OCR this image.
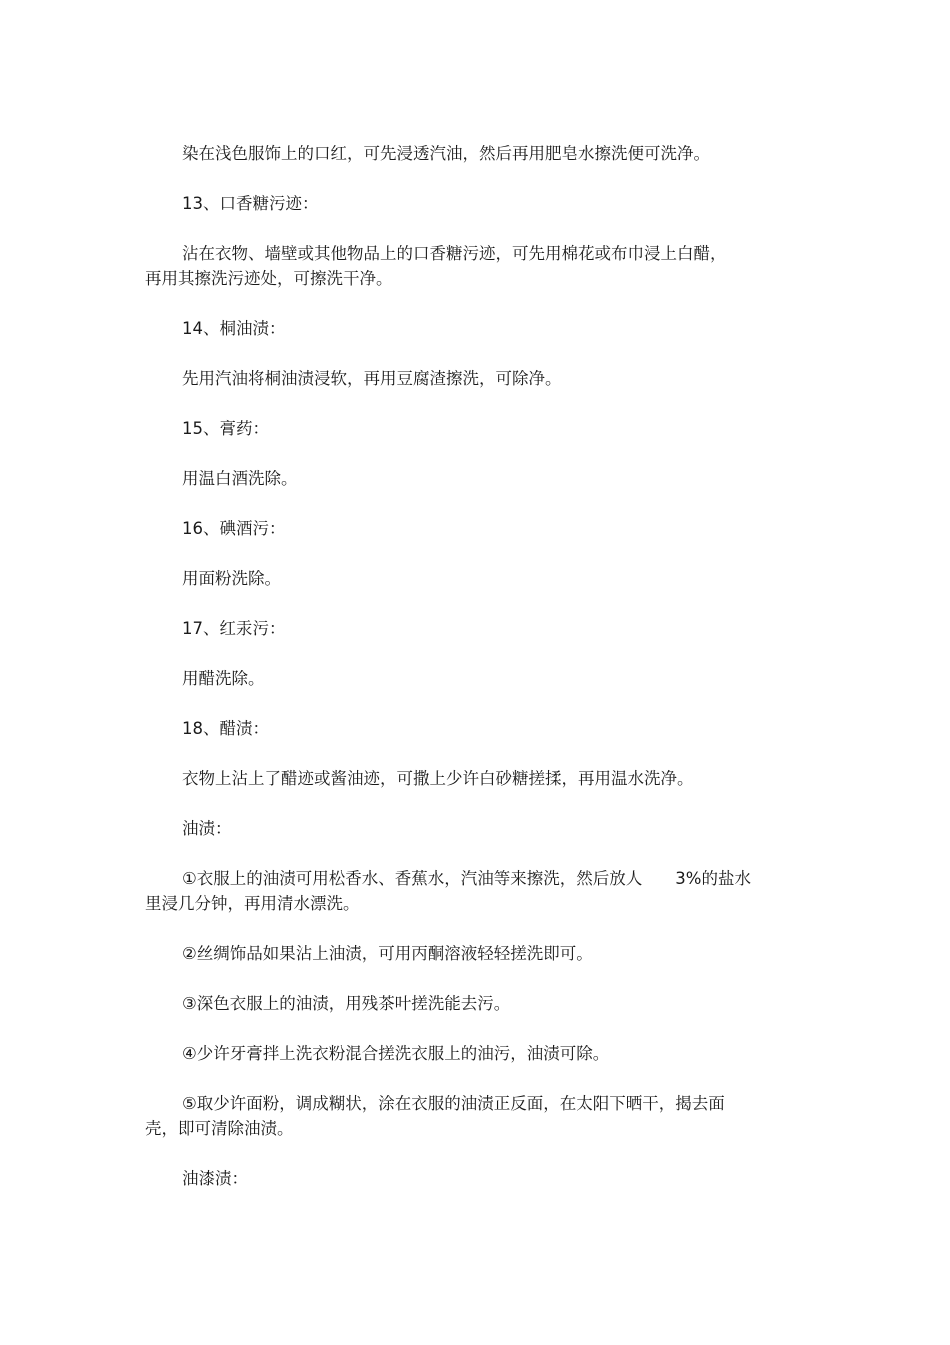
染在浅色服饰上的口红，可先浸透汽油，然后再用肥皂水擦洗便可洗净。

13、口香糖污迹：

沾在衣物、墙壁或其他物品上的口香糖污迹，可先用棉花或布巾浸上白醋，
再用其擦洗污迹处，可擦洗干净。

14、桐油渍：

先用汽油将桐油渍浸软，再用豆腐渣擦洗，可除净。

15、膏药：

用温白酒洗除。

16、碘酒污：

用面粉洗除。

17、红汞污：

用醋洗除。

18、醋渍：

衣物上沾上了醋迹或酱油迹，可撒上少许白砂糖搓揉，再用温水洗净。

油渍：

①衣服上的油渍可用松香水、香蕉水，汽油等来擦洗，然后放人　　3%的盐水
里浸几分钟，再用清水漂洗。

②丝绸饰品如果沾上油渍，可用丙酮溶液轻轻搓洗即可。

③深色衣服上的油渍，用残茶叶搓洗能去污。

④少许牙膏拌上洗衣粉混合搓洗衣服上的油污，油渍可除。

⑤取少许面粉，调成糊状，涂在衣服的油渍正反面，在太阳下晒干，揭去面
壳，即可清除油渍。

油漆渍：
